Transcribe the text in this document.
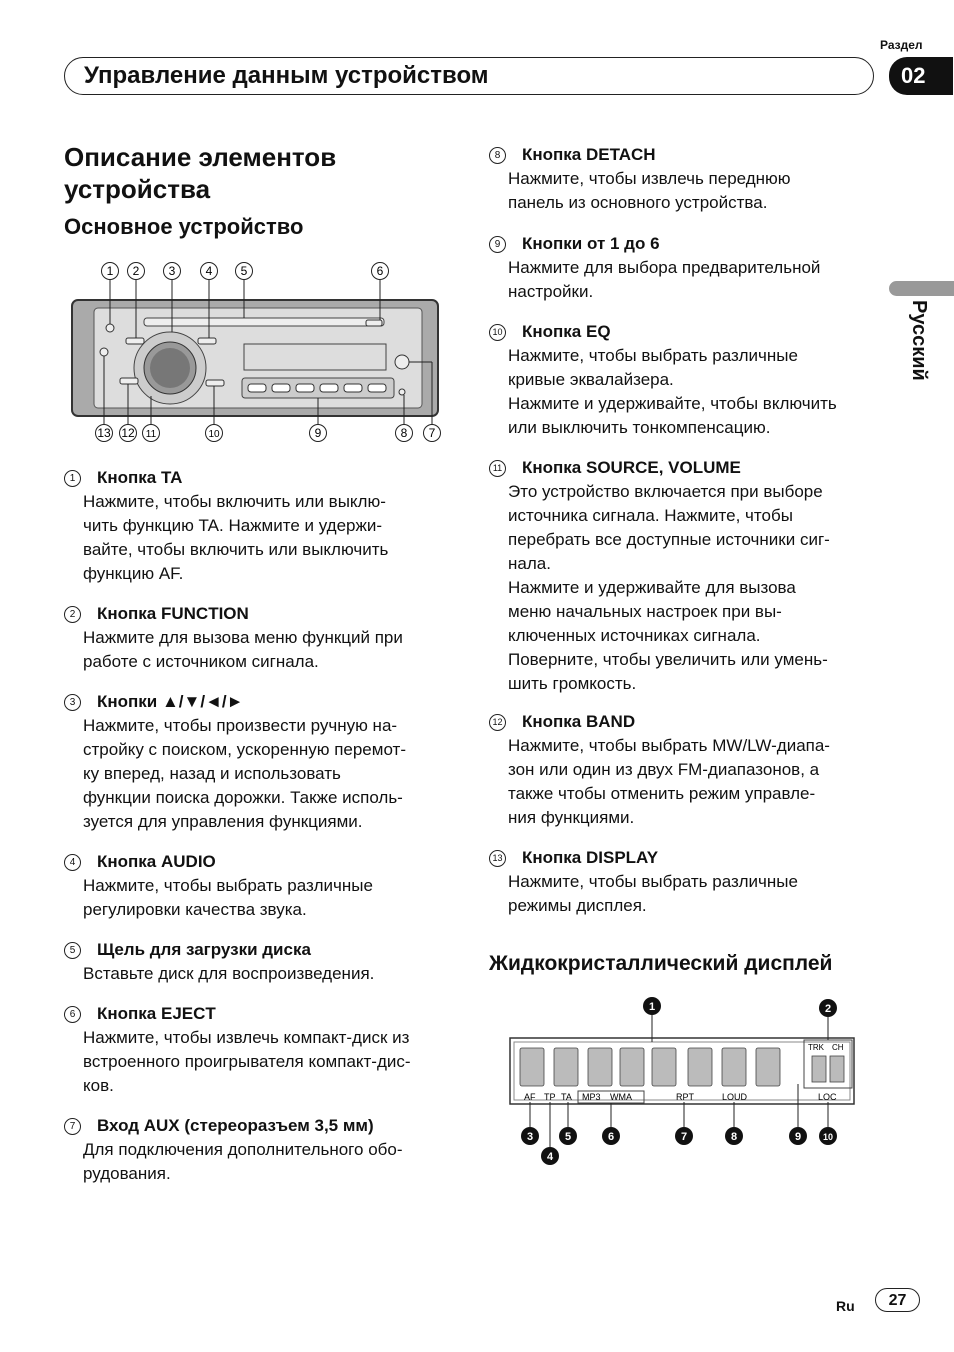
Раздел
Управление данным устройством	02
Русский
Описание элементов устройства
Основное устройство
1 2 3	4 5	6
13 12 11	10	9	8 7
1 Кнопка TA

Нажмите, чтобы включить или выклю-
чить функцию TA. Нажмите и удержи-
вайте, чтобы включить или выключить
функцию AF.

2 Кнопка FUNCTION

Нажмите для вызова меню функций при
работе с источником сигнала.

3 Кнопки ▲/▼/◄/►

Нажмите, чтобы произвести ручную на-
стройку с поиском, ускоренную перемот-
ку вперед, назад и использовать
функции поиска дорожки. Также исполь-
зуется для управления функциями.

4 Кнопка AUDIO

Нажмите, чтобы выбрать различные
регулировки качества звука.

5 Щель для загрузки диска

Вставьте диск для воспроизведения.

6 Кнопка EJECT

Нажмите, чтобы извлечь компакт-диск из
встроенного проигрывателя компакт-дис-
ков.

7 Вход AUX (стереоразъем 3,5 мм)

Для подключения дополнительного обо-
рудования.

8 Кнопка DETACH

Нажмите, чтобы извлечь переднюю
панель из основного устройства.

9 Кнопки от 1 до 6

Нажмите для выбора предварительной
настройки.

10 Кнопка EQ

Нажмите, чтобы выбрать различные
кривые эквалайзера.
Нажмите и удерживайте, чтобы включить
или выключить тонкомпенсацию.

11 Кнопка SOURCE, VOLUME

Это устройство включается при выборе
источника сигнала. Нажмите, чтобы
перебрать все доступные источники сиг-
нала.
Нажмите и удерживайте для вызова
меню начальных настроек при вы-
ключенных источниках сигнала.
Поверните, чтобы увеличить или умень-
шить громкость.

12 Кнопка BAND

Нажмите, чтобы выбрать MW/LW-диапа-
зон или один из двух FM-диапазонов, а
также чтобы отменить режим управле-
ния функциями.

13 Кнопка DISPLAY

Нажмите, чтобы выбрать различные
режимы дисплея.

Жидкокристаллический дисплей
TRK CH
AF TP TA MP3 WMA	RPT	LOUD	LOC
1	2
3
4
5	6	7	8	9 10
Ru	27
